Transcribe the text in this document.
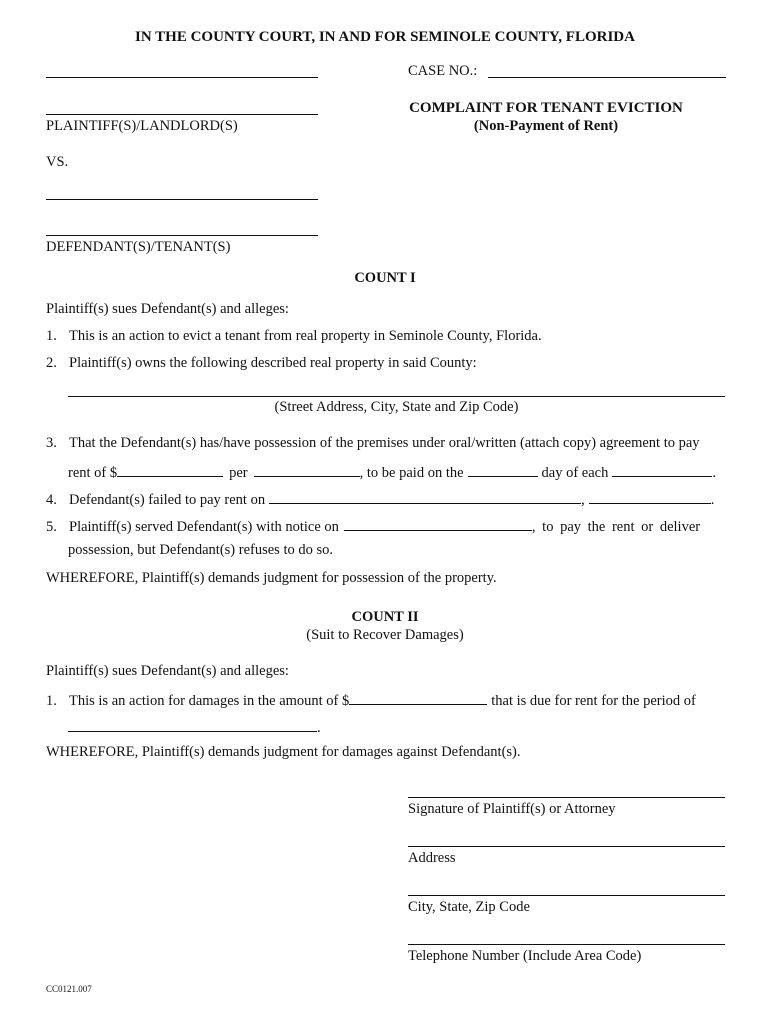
IN THE COUNTY COURT, IN AND FOR SEMINOLE COUNTY, FLORIDA
CASE NO.:
COMPLAINT FOR TENANT EVICTION
(Non-Payment of Rent)
PLAINTIFF(S)/LANDLORD(S)
VS.
DEFENDANT(S)/TENANT(S)
COUNT I
Plaintiff(s) sues Defendant(s) and alleges:
1. This is an action to evict a tenant from real property in Seminole County, Florida.
2. Plaintiff(s) owns the following described real property in said County:
(Street Address, City, State and Zip Code)
3. That the Defendant(s) has/have possession of the premises under oral/written (attach copy) agreement to pay
rent of $	per	, to be paid on the	day of each	.
4. Defendant(s) failed to pay rent on	,	.
5. Plaintiff(s) served Defendant(s) with notice on	, to pay the rent or deliver
possession, but Defendant(s) refuses to do so.
WHEREFORE, Plaintiff(s) demands judgment for possession of the property.
COUNT II
(Suit to Recover Damages)
Plaintiff(s) sues Defendant(s) and alleges:
1. This is an action for damages in the amount of $	that is due for rent for the period of
.
WHEREFORE, Plaintiff(s) demands judgment for damages against Defendant(s).
Signature of Plaintiff(s) or Attorney
Address
City, State, Zip Code
Telephone Number (Include Area Code)
CC0121.007
